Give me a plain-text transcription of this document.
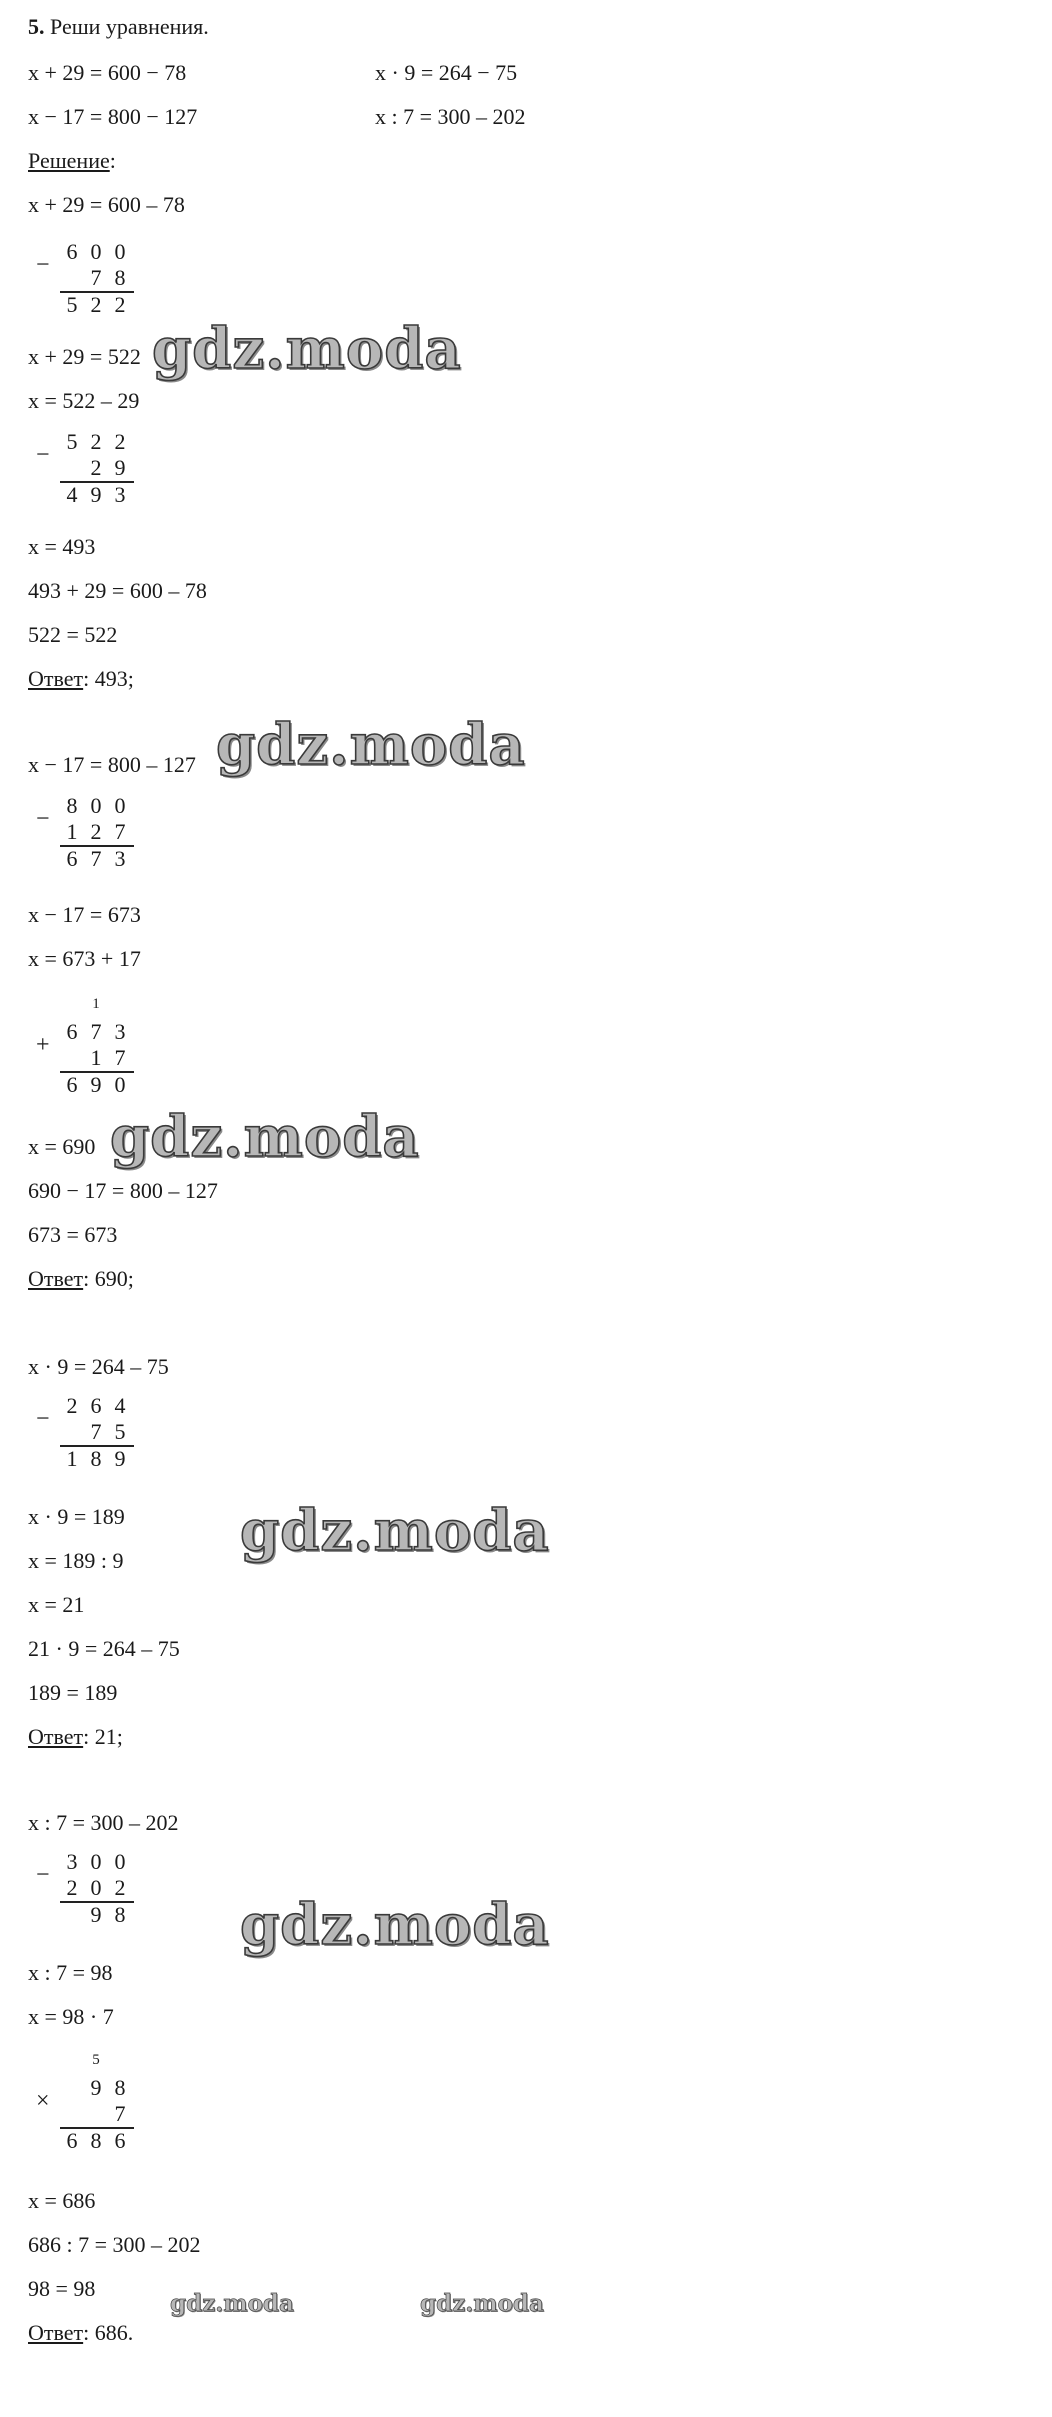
5. Реши уравнения.
x + 29 = 600 − 78	x · 9 = 264 − 75
x − 17 = 800 − 127	x : 7 = 300 – 202
Решение:
x + 29 = 600 – 78
6 0 0
7 8
−
5 2 2
x + 29 = 522
x = 522 – 29
5 2 2
2 9
−
4 9 3
x = 493
493 + 29 = 600 – 78
522 = 522
Ответ: 493;
x − 17 = 800 – 127
8 0 0
1 2 7
−
6 7 3
x − 17 = 673
x = 673 + 17
1
6 7 3
1 7
+
6 9 0
x = 690
690 − 17 = 800 – 127
673 = 673
Ответ: 690;
x · 9 = 264 – 75
2 6 4
7 5
−
1 8 9
x · 9 = 189
x = 189 : 9
x = 21
21 · 9 = 264 – 75
189 = 189
Ответ: 21;
x : 7 = 300 – 202
3 0 0
2 0 2
−
9 8
x : 7 = 98
x = 98 · 7
5
9 8
7
×
6 8 6
x = 686
686 : 7 = 300 – 202
98 = 98
Ответ: 686.
gdz.moda
gdz.moda
gdz.moda
gdz.moda
gdz.moda
gdz.moda	gdz.moda
